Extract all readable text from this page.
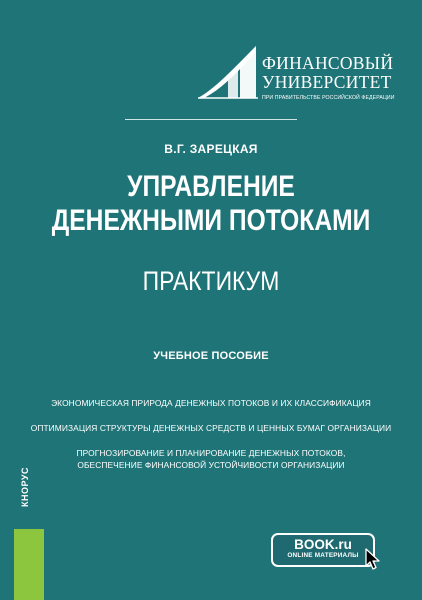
ФИНАНСОВЫЙ
УНИВЕРСИТЕТ
ПРИ ПРАВИТЕЛЬСТВЕ РОССИЙСКОЙ ФЕДЕРАЦИИ
В.Г. ЗАРЕЦКАЯ
УПРАВЛЕНИЕ
ДЕНЕЖНЫМИ ПОТОКАМИ
ПРАКТИКУМ
УЧЕБНОЕ ПОСОБИЕ
ЭКОНОМИЧЕСКАЯ ПРИРОДА ДЕНЕЖНЫХ ПОТОКОВ И ИХ КЛАССИФИКАЦИЯ
ОПТИМИЗАЦИЯ СТРУКТУРЫ ДЕНЕЖНЫХ СРЕДСТВ И ЦЕННЫХ БУМАГ ОРГАНИЗАЦИИ
ПРОГНОЗИРОВАНИЕ И ПЛАНИРОВАНИЕ ДЕНЕЖНЫХ ПОТОКОВ,
ОБЕСПЕЧЕНИЕ ФИНАНСОВОЙ УСТОЙЧИВОСТИ ОРГАНИЗАЦИИ
КНОРУС
BOOK.ru
ONLINE МАТЕРИАЛЫ
